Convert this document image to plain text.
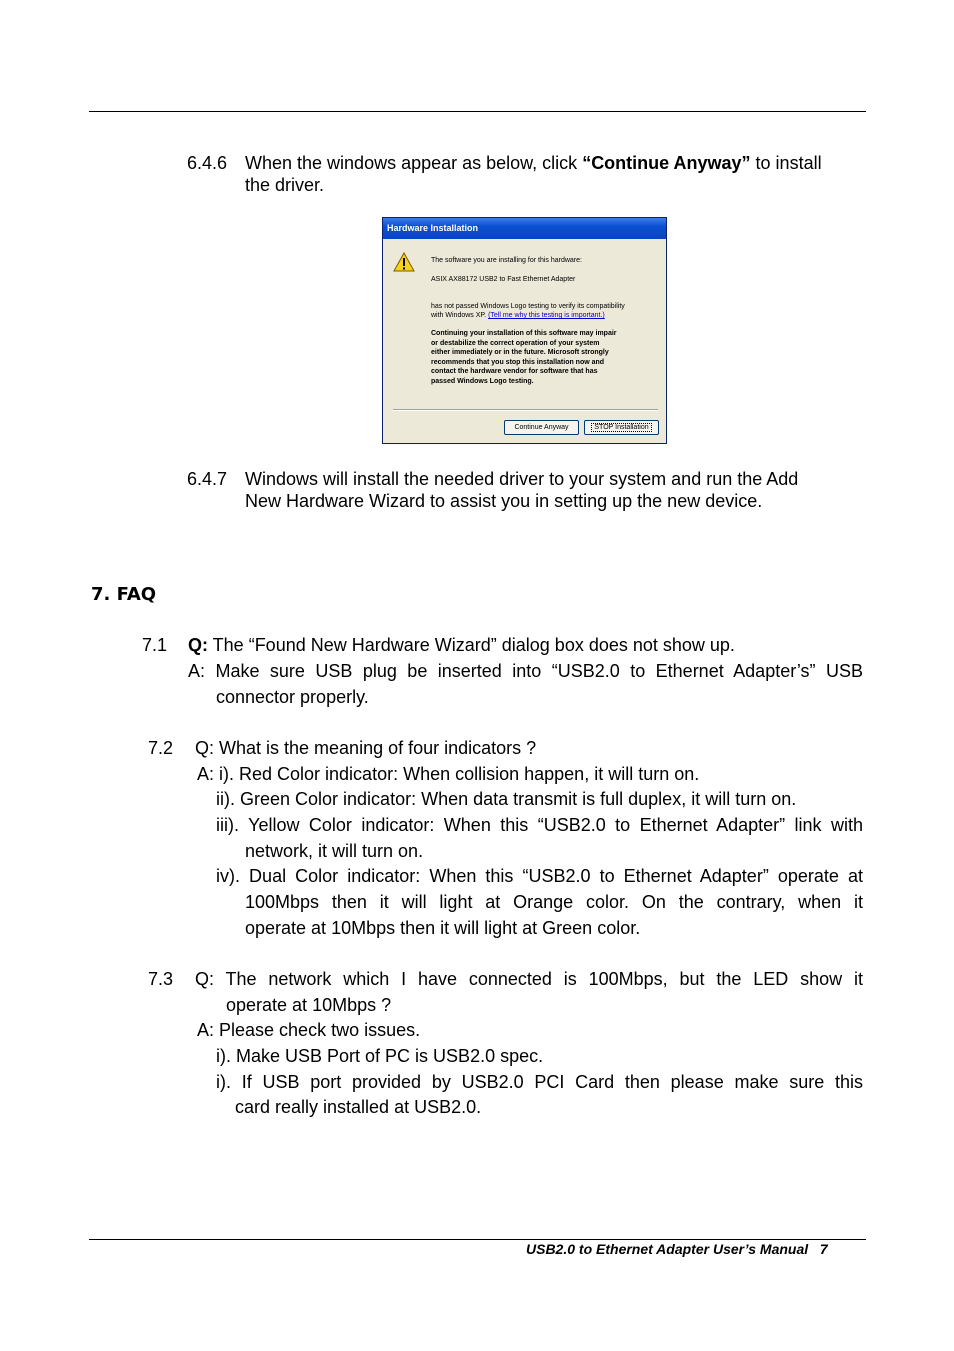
6.4.6 When the windows appear as below, click “Continue Anyway” to install
the driver.
Hardware Installation
The software you are installing for this hardware:
ASIX AX88172 USB2 to Fast Ethernet Adapter
has not passed Windows Logo testing to verify its compatibility
with Windows XP. (Tell me why this testing is important.)
Continuing your installation of this software may impair
or destabilize the correct operation of your system
either immediately or in the future. Microsoft strongly
recommends that you stop this installation now and
contact the hardware vendor for software that has
passed Windows Logo testing.
Continue Anyway	STOP Installation
6.4.7 Windows will install the needed driver to your system and run the Add
New Hardware Wizard to assist you in setting up the new device.
7. FAQ
7.1 Q: The “Found New Hardware Wizard” dialog box does not show up.
A: Make sure USB plug be inserted into “USB2.0 to Ethernet Adapter’s” USB
connector properly.
7.2 Q: What is the meaning of four indicators ?
A: i). Red Color indicator: When collision happen, it will turn on.
ii). Green Color indicator: When data transmit is full duplex, it will turn on.
iii). Yellow Color indicator: When this “USB2.0 to Ethernet Adapter” link with
network, it will turn on.
iv). Dual Color indicator: When this “USB2.0 to Ethernet Adapter” operate at
100Mbps then it will light at Orange color. On the contrary, when it
operate at 10Mbps then it will light at Green color.
7.3 Q: The network which I have connected is 100Mbps, but the LED show it
operate at 10Mbps ?
A: Please check two issues.
i). Make USB Port of PC is USB2.0 spec.
i). If USB port provided by USB2.0 PCI Card then please make sure this
card really installed at USB2.0.
USB2.0 to Ethernet Adapter User’s Manual 7
